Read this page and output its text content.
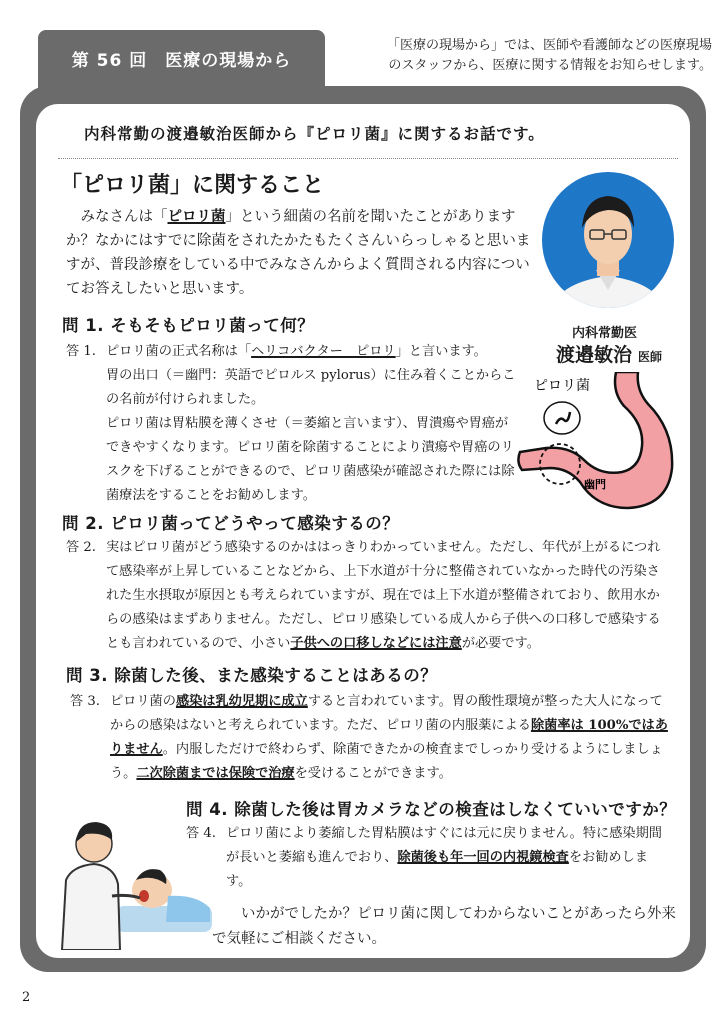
第 56 回　医療の現場から
「医療の現場から」では、医師や看護師などの医療現場
のスタッフから、医療に関する情報をお知らせします。
内科常勤の渡邉敏治医師から『ピロリ菌』に関するお話です。
「ピロリ菌」に関すること
みなさんは「ピロリ菌」という細菌の名前を聞いたことがありますか？なかにはすでに除菌をされたかたもたくさんいらっしゃると思いますが、普段診療をしている中でみなさんからよく質問される内容についてお答えしたいと思います。
内科常勤医
渡邉敏治 医師
問 1. そもそもピロリ菌って何？
答 1. ピロリ菌の正式名称は「ヘリコバクター　ピロリ」と言います。
胃の出口（＝幽門：英語でピロルス pylorus）に住み着くことからこの名前が付けられました。
ピロリ菌は胃粘膜を薄くさせ（＝萎縮と言います）、胃潰瘍や胃癌ができやすくなります。ピロリ菌を除菌することにより潰瘍や胃癌のリスクを下げることができるので、ピロリ菌感染が確認された際には除菌療法をすることをお勧めします。
ピロリ菌
幽門
問 2. ピロリ菌ってどうやって感染するの？
答 2. 実はピロリ菌がどう感染するのかははっきりわかっていません。ただし、年代が上がるにつれて感染率が上昇していることなどから、上下水道が十分に整備されていなかった時代の汚染された生水摂取が原因とも考えられていますが、現在では上下水道が整備されており、飲用水からの感染はまずありません。ただし、ピロリ感染している成人から子供への口移しで感染するとも言われているので、小さい子供への口移しなどには注意が必要です。
問 3. 除菌した後、また感染することはあるの？
答 3. ピロリ菌の感染は乳幼児期に成立すると言われています。胃の酸性環境が整った大人になってからの感染はないと考えられています。ただ、ピロリ菌の内服薬による除菌率は 100%ではありません。内服しただけで終わらず、除菌できたかの検査までしっかり受けるようにしましょう。二次除菌までは保険で治療を受けることができます。
問 4. 除菌した後は胃カメラなどの検査はしなくていいですか？
答 4. ピロリ菌により萎縮した胃粘膜はすぐには元に戻りません。特に感染期間が長いと萎縮も進んでおり、除菌後も年一回の内視鏡検査をお勧めします。
いかがでしたか？ピロリ菌に関してわからないことがあったら外来で気軽にご相談ください。
2
